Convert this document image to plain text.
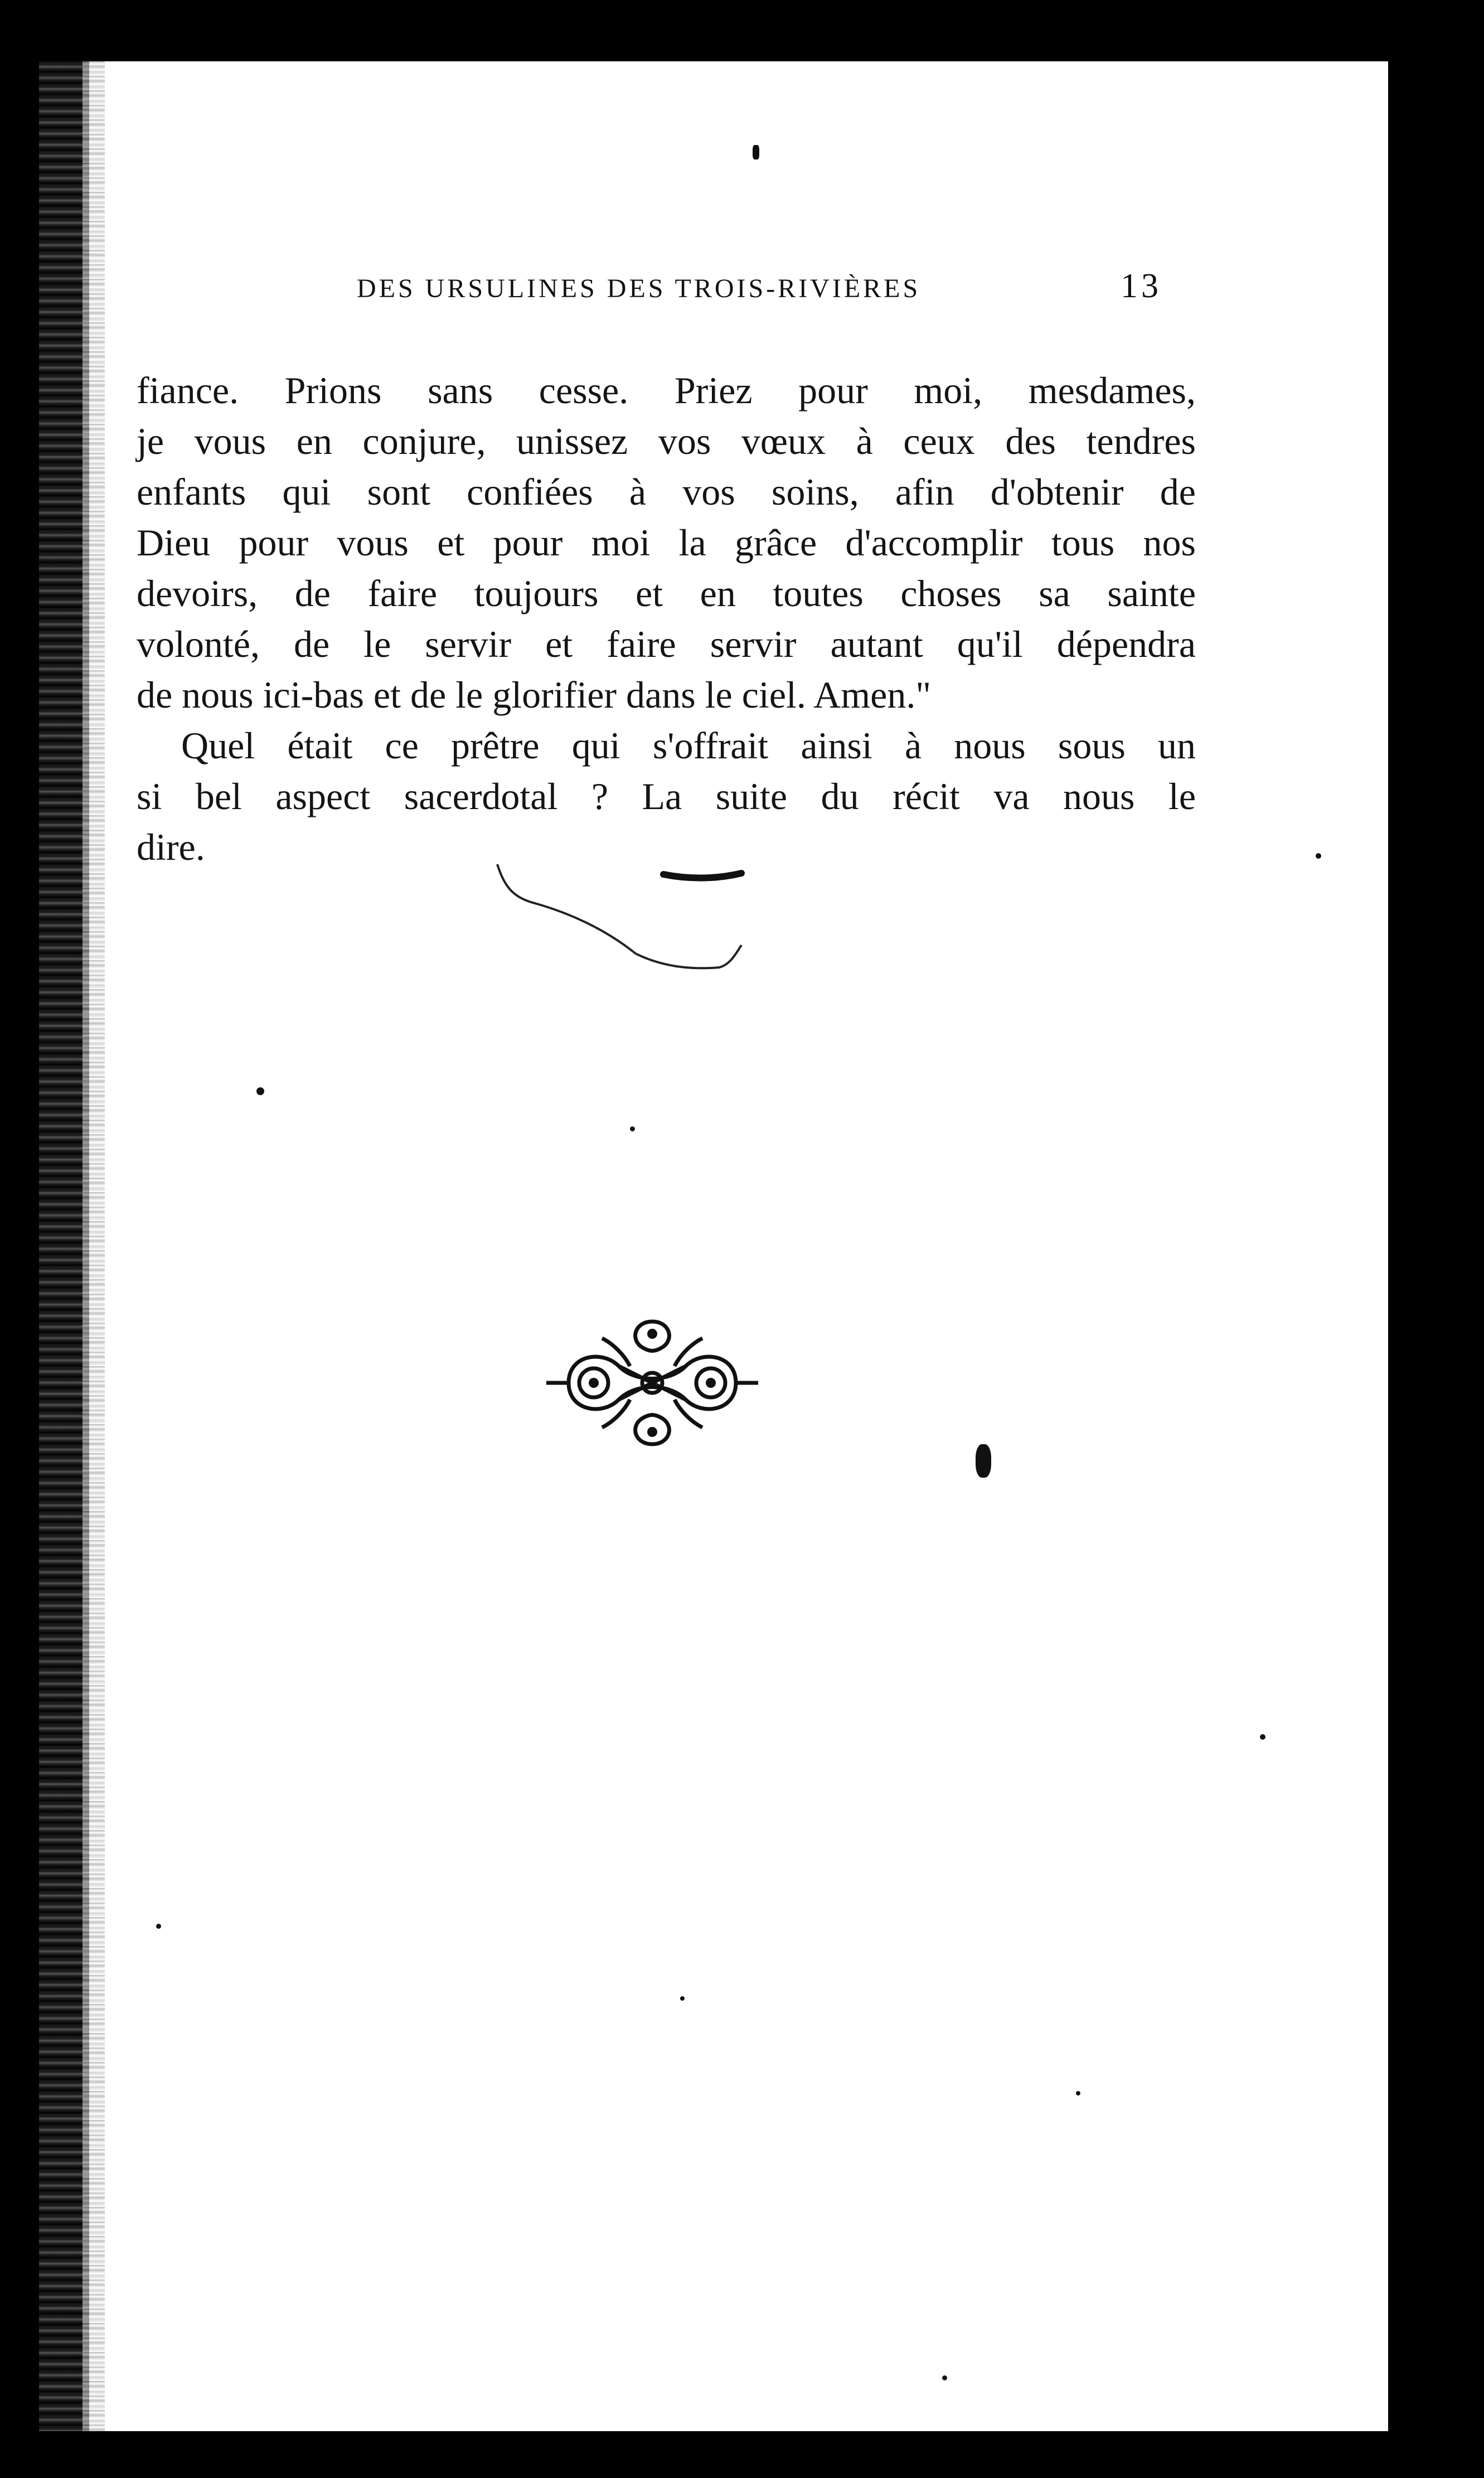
DES URSULINES DES TROIS-RIVIÈRES	13

fiance. Prions sans cesse. Priez pour moi, mesdames,
je vous en conjure, unissez vos vœux à ceux des tendres
enfants qui sont confiées à vos soins, afin d'obtenir de
Dieu pour vous et pour moi la grâce d'accomplir tous nos
devoirs, de faire toujours et en toutes choses sa sainte
volonté, de le servir et faire servir autant qu'il dépendra
de nous ici-bas et de le glorifier dans le ciel. Amen."

Quel était ce prêtre qui s'offrait ainsi à nous sous un
si bel aspect sacerdotal ? La suite du récit va nous le
dire.
